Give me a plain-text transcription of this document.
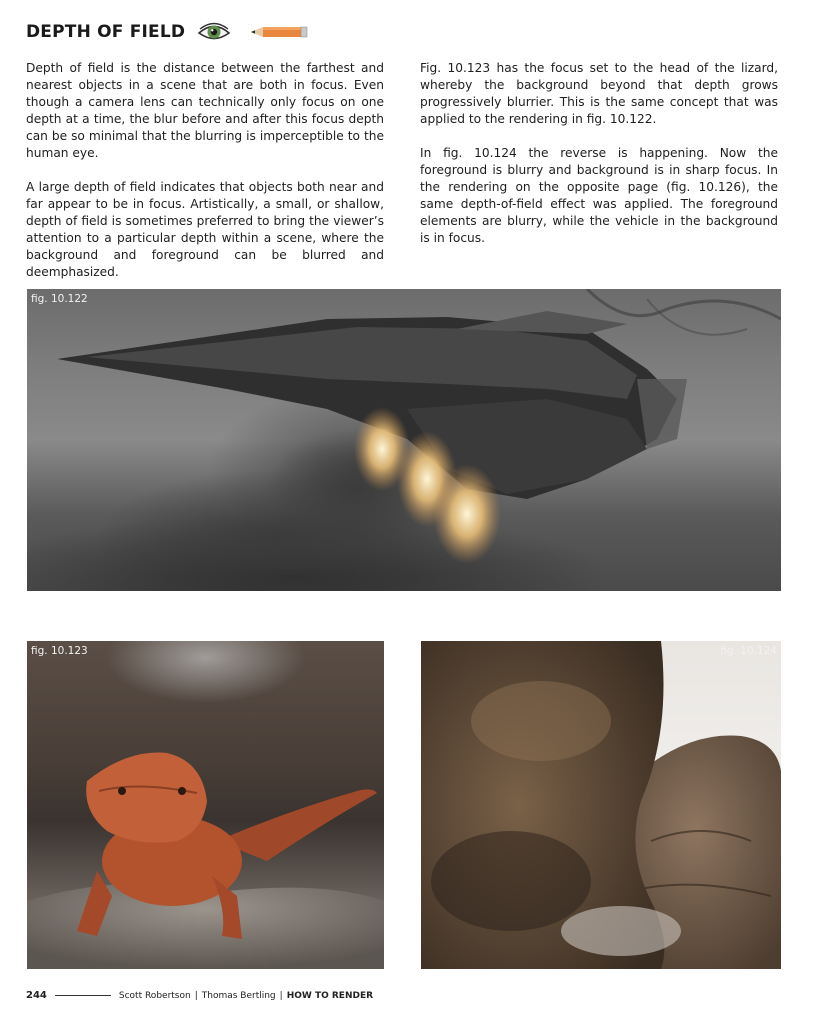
DEPTH OF FIELD

Depth of field is the distance between the farthest and nearest objects in a scene that are both in focus. Even though a camera lens can technically only focus on one depth at a time, the blur before and after this focus depth can be so minimal that the blurring is imperceptible to the human eye.

A large depth of field indicates that objects both near and far appear to be in focus. Artistically, a small, or shallow, depth of field is sometimes preferred to bring the viewer’s attention to a particular depth within a scene, where the background and foreground can be blurred and deemphasized.

Fig. 10.123 has the focus set to the head of the lizard, whereby the background beyond that depth grows progressively blurrier. This is the same concept that was applied to the rendering in fig. 10.122.

In fig. 10.124 the reverse is happening. Now the foreground is blurry and background is in sharp focus. In the rendering on the opposite page (fig. 10.126), the same depth-of-field effect was applied. The foreground elements are blurry, while the vehicle in the background is in focus.

fig. 10.122
fig. 10.123	fig. 10.124
244	Scott Robertson | Thomas Bertling | HOW TO RENDER
